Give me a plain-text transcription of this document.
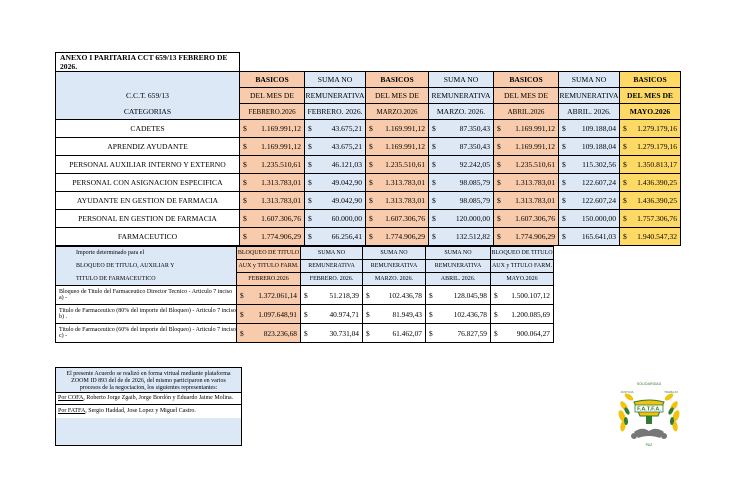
ANEXO I PARITARIA CCT 659/13 FEBRERO DE 2026.							
	BASICOS	SUMA NO	BASICOS	SUMA NO	BASICOS	SUMA NO	BASICOS
C.C.T. 659/13	DEL MES DE	REMUNERATIVA	DEL MES DE	REMUNERATIVA	DEL MES DE	REMUNERATIVA	DEL MES DE
CATEGORIAS	FEBRERO.2026	FEBRERO. 2026.	MARZO.2026	MARZO. 2026.	ABRIL.2026	ABRIL. 2026.	MAYO.2026
CADETES	$ 1.169.991,12	$ 43.675,21	$ 1.169.991,12	$ 87.350,43	$ 1.169.991,12	$ 109.188,04	$ 1.279.179,16

APRENDIZ AYUDANTE	$ 1.169.991,12	$ 43.675,21	$ 1.169.991,12	$ 87.350,43	$ 1.169.991,12	$ 109.188,04	$ 1.279.179,16

PERSONAL AUXILIAR INTERNO Y EXTERNO	$ 1.235.510,61	$ 46.121,03	$ 1.235.510,61	$ 92.242,05	$ 1.235.510,61	$ 115.302,56	$ 1.350.813,17

PERSONAL CON ASIGNACION ESPECIFICA	$ 1.313.783,01	$ 49.042,90	$ 1.313.783,01	$ 98.085,79	$ 1.313.783,01	$ 122.607,24	$ 1.436.390,25

AYUDANTE EN GESTION DE FARMACIA	$ 1.313.783,01	$ 49.042,90	$ 1.313.783,01	$ 98.085,79	$ 1.313.783,01	$ 122.607,24	$ 1.436.390,25

PERSONAL EN GESTION DE FARMACIA	$ 1.607.306,76	$ 60.000,00	$ 1.607.306,76	$ 120.000,00	$ 1.607.306,76	$ 150.000,00	$ 1.757.306,76

FARMACEUTICO	$ 1.774.906,29	$ 66.256,41	$ 1.774.906,29	$ 132.512,82	$ 1.774.906,29	$ 165.641,03	$ 1.940.547,32
Importe determinado para el	BLOQUEO DE TITULO	SUMA NO	SUMA NO	SUMA NO	BLOQUEO DE TITULO
BLOQUEO DE TITULO, AUXILIAR Y	AUX y TITULO FARM.	REMUNERATIVA	REMUNERATIVA	REMUNERATIVA	AUX y TITULO FARM.
TITULO DE FARMACEUTICO	FEBRERO.2026	FEBRERO. 2026.	MARZO. 2026.	ABRIL. 2026.	MAYO.2026
Bloqueo de Titulo del Farmaceutico Director Tecnico - Articulo 7 inciso a) -	$ 1.372.061,14	$ 51.218,39	$ 102.436,78	$ 128.045,98	$ 1.500.107,12

Titulo de Farmaceutico (80% del importe del Bloqueo) - Articulo 7 inciso b) .	$ 1.097.648,91	$ 40.974,71	$ 81.949,43	$ 102.436,78	$ 1.200.085,69

Titulo de Farmaceutico (60% del importe del Bloqueo) - Articulo 7 inciso c) -	$ 823.236,68	$ 30.731,04	$ 61.462,07	$ 76.827,59	$ 900.064,27
El presente Acuerdo se realizó en forma virtual mediante plataforma ZOOM ID 893 del de de 2026, del mismo participaron en varios procesos de la negociacion, los siguientes representantes:
Por COFA, Roberto Jorge Zgaib, Jorge Bordón y Eduardo Jaime Molina.
Por FATFA, Sergio Haddad, Jose Lopez y Miguel Castro.	F.A.T.F.A.
SOLIDARIDAD
JUSTICIA	TRABAJO
PAZ
